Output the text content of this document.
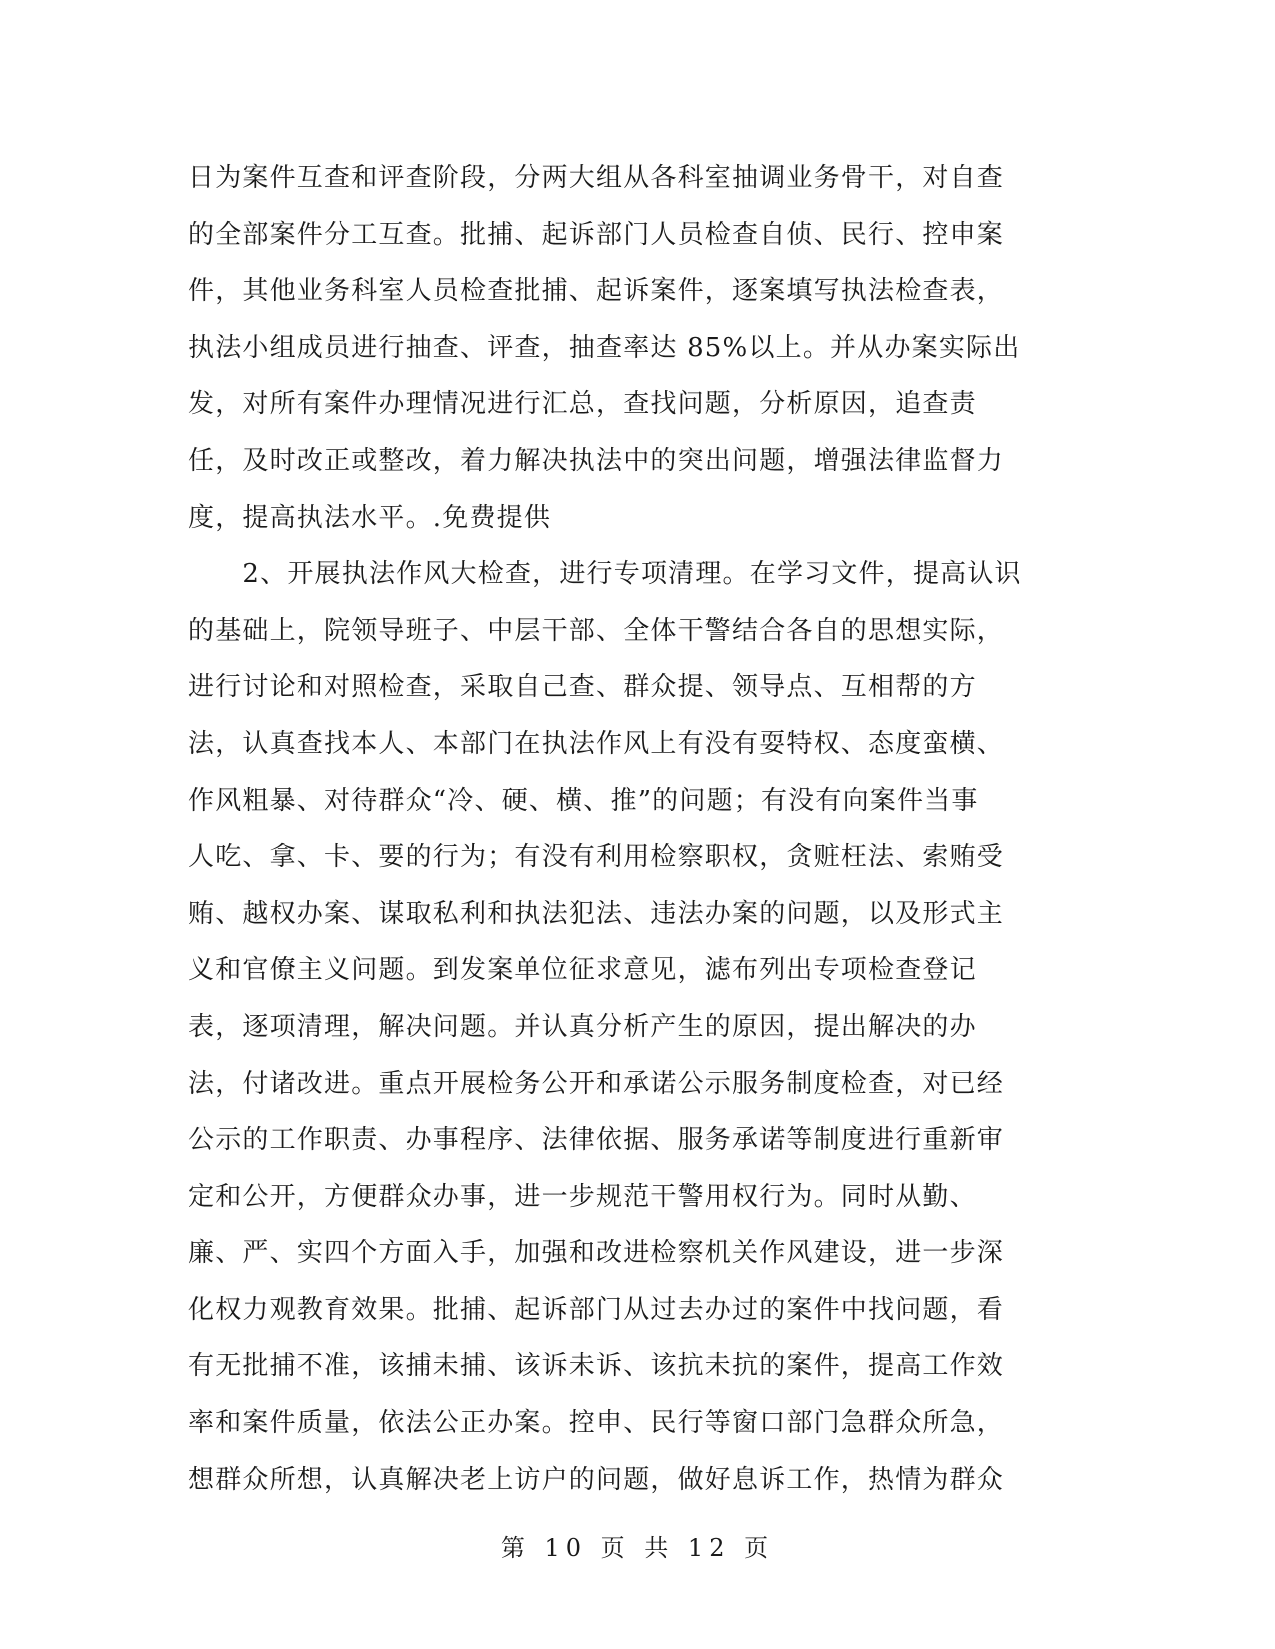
日为案件互查和评查阶段，分两大组从各科室抽调业务骨干，对自查
的全部案件分工互查。批捕、起诉部门人员检查自侦、民行、控申案
件，其他业务科室人员检查批捕、起诉案件，逐案填写执法检查表，
执法小组成员进行抽查、评查，抽查率达 85%以上。并从办案实际出
发，对所有案件办理情况进行汇总，查找问题，分析原因，追查责
任，及时改正或整改，着力解决执法中的突出问题，增强法律监督力
度，提高执法水平。.免费提供
　　2、开展执法作风大检查，进行专项清理。在学习文件，提高认识
的基础上，院领导班子、中层干部、全体干警结合各自的思想实际，
进行讨论和对照检查，采取自己查、群众提、领导点、互相帮的方
法，认真查找本人、本部门在执法作风上有没有耍特权、态度蛮横、
作风粗暴、对待群众“冷、硬、横、推”的问题；有没有向案件当事
人吃、拿、卡、要的行为；有没有利用检察职权，贪赃枉法、索贿受
贿、越权办案、谋取私利和执法犯法、违法办案的问题，以及形式主
义和官僚主义问题。到发案单位征求意见，滤布列出专项检查登记
表，逐项清理，解决问题。并认真分析产生的原因，提出解决的办
法，付诸改进。重点开展检务公开和承诺公示服务制度检查，对已经
公示的工作职责、办事程序、法律依据、服务承诺等制度进行重新审
定和公开，方便群众办事，进一步规范干警用权行为。同时从勤、
廉、严、实四个方面入手，加强和改进检察机关作风建设，进一步深
化权力观教育效果。批捕、起诉部门从过去办过的案件中找问题，看
有无批捕不准，该捕未捕、该诉未诉、该抗未抗的案件，提高工作效
率和案件质量，依法公正办案。控申、民行等窗口部门急群众所急，
想群众所想，认真解决老上访户的问题，做好息诉工作，热情为群众
第 10 页 共 12 页
